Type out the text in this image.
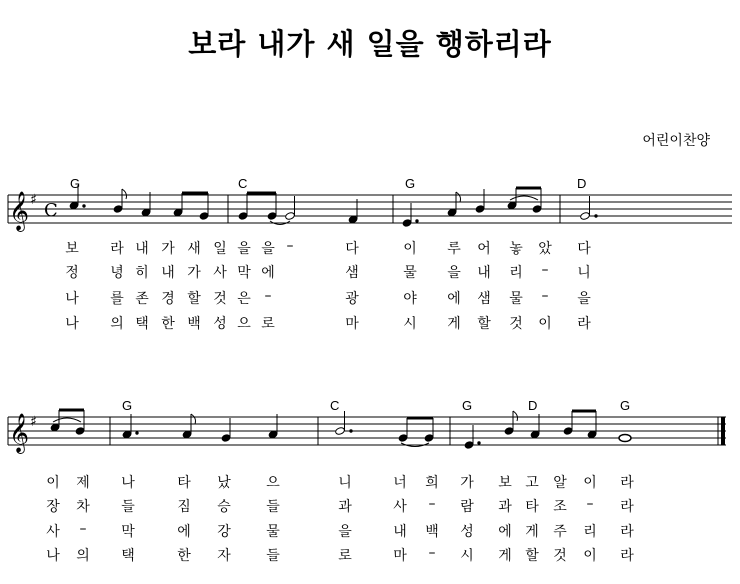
보라 내가 새 일을 행하리라
어린이찬양
G	C	G	D
G	C	G	D	G
𝄞 ♯ C
𝄞 ♯
보 라 내 가 새 일 을 을 –	다	이 루 어 놓 았 다
정 녕 히 내 가 사 막 에	샘	물 을 내 리 – 니
나 를 존 경 할 것 은 –	광	야 에 샘 물 – 을
나 의 택 한 백 성 으 로	마	시 게 할 것 이 라
이 제 나	타 났	으	니	너 희 가 보 고 알 이 라
장 차 들	짐 승	들	과	사 – 람 과 타 조 – 라
사 – 막	에 강	물	을	내 백 성 에 게 주 리 라
나 의 택	한 자	들	로	마 – 시 게 할 것 이 라
